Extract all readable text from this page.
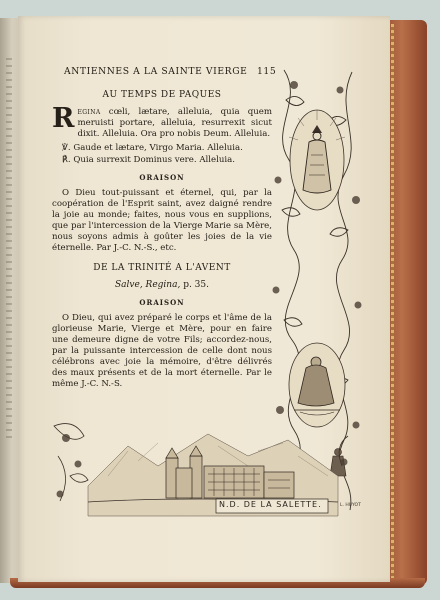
ANTIENNES A LA SAINTE VIERGE 115
AU TEMPS DE PAQUES

Regina cœli, lætare, alleluia, quia quem meruisti portare, alleluia, resurrexit sicut dixit. Alleluia. Ora pro nobis Deum. Alleluia.

℣. Gaude et lætare, Virgo Maria. Alleluia.

℟. Quia surrexit Dominus vere. Alleluia.

ORAISON

O Dieu tout-puissant et éternel, qui, par la coopération de l'Esprit saint, avez daigné rendre la joie au monde; faites, nous vous en supplions, que par l'intercession de la Vierge Marie sa Mère, nous soyons admis à goûter les joies de la vie éternelle. Par J.-C. N.-S., etc.

DE LA TRINITÉ A L'AVENT
Salve, Regina, p. 35.
ORAISON

O Dieu, qui avez préparé le corps et l'âme de la glorieuse Marie, Vierge et Mère, pour en faire une demeure digne de votre Fils; accordez-nous, par la puissante intercession de celle dont nous célébrons avec joie la mémoire, d'être délivrés des maux présents et de la mort éternelle. Par le même J.-C. N.-S.

N.D. DE LA SALETTE.	L. HUYOT
